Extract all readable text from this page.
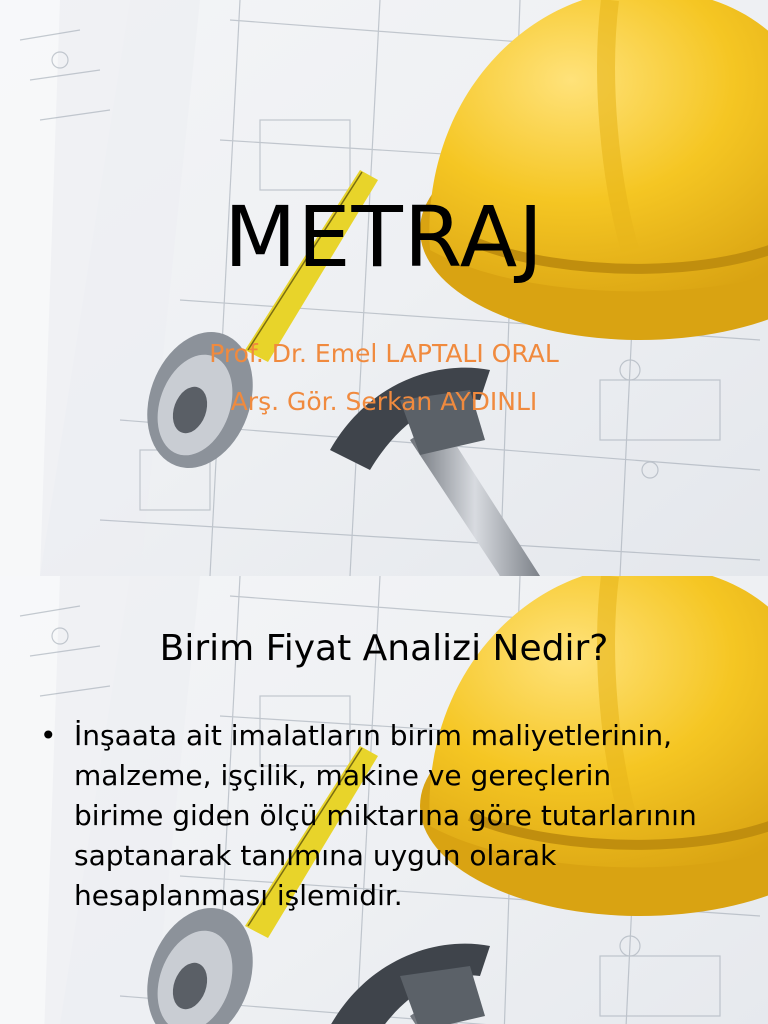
METRAJ
Prof. Dr. Emel LAPTALI ORAL
Arş. Gör. Serkan AYDINLI
Birim Fiyat Analizi Nedir?
• İnşaata ait imalatların birim maliyetlerinin, malzeme, işçilik, makine ve gereçlerin birime giden ölçü miktarına göre tutarlarının saptanarak tanımına uygun olarak hesaplanması işlemidir.
